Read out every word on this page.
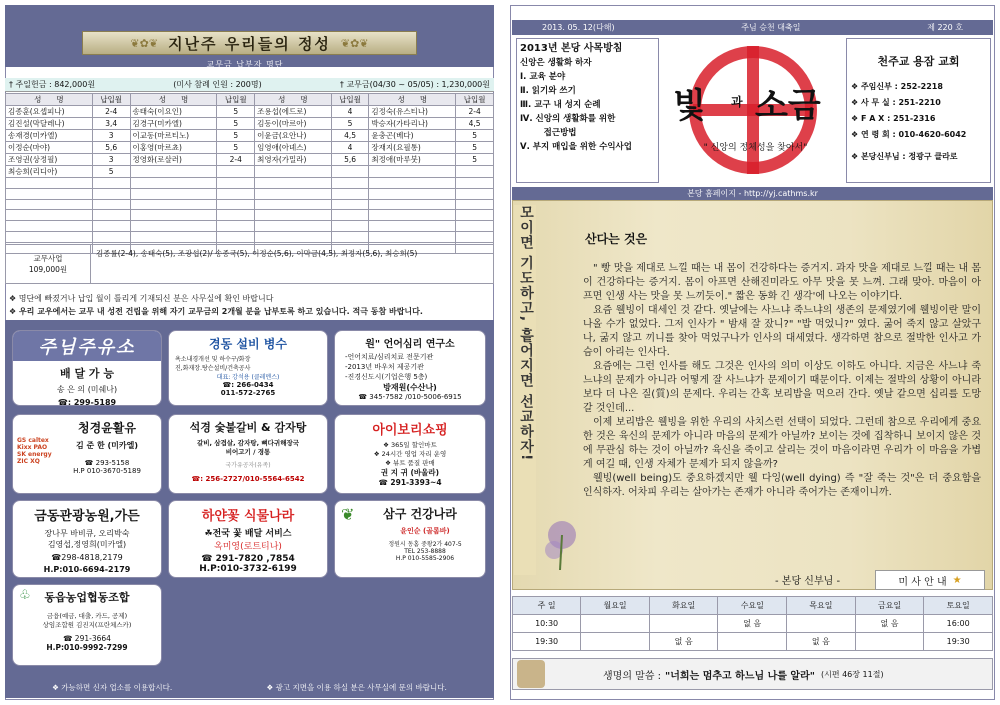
❦✿❦ 지난주 우리들의 정성 ❦✿❦
교무금 납부자 명단
† 주일헌금 : 842,000원	(미사 참례 인원 : 200명)	† 교무금(04/30 ~ 05/05) : 1,230,000원
성　　명	납입월	성　　명	납입월	성　　명	납입월	성　　명	납입월
김종훈(요셉피나)	2-4	송태숙(이요인)	5	조용섭(에드로)	4	김정숙(유스티나)	2-4
김진설(막달레나)	3,4	김경구(미카엘)	5	김동이(마르아)	5	박승자(가타리나)	4,5
송재경(미카엘)	3	이교동(마르티노)	5	이윤금(요안나)	4,5	윤충곤(베다)	5
이정순(마야)	5,6	이홍영(마르쵸)	5	임영애(아녜스)	4	장재지(요필통)	5
조영권(상정필)	3	정영화(로살러)	2-4	최영자(가밀라)	5,6	최정애(마루붓)	5
최승희(리디아)	5						

교무사업
109,000원
김종률(2-4), 송태숙(5), 조광섭(2)/ 송종국(5), 이정순(5,6), 이막금(4,5), 최정자(5,6), 최승희(5)
❖ 명단에 빠졌거나 납입 월이 틀리게 기재되신 분은 사무실에 확인 바랍니다
❖ 우리 교우에서는 교무 내 성전 건립을 위해 자기 교무금의 2개월 분을 납부토록 하고 있습니다. 적극 동참 바랍니다.
주님주유소
배 달 가 능
송 은 의 (미쉐나)
☎: 299-5189
경동 설비 병수
욕소내경개선 및 하수구/화장
진,화재장.탕슨설비/건축공사
대표: 강석용 (클레멘스)
☎: 266-0434
011-572-2765
원" 언어심리 연구소
-언어치료/심리치료 전문기관
-2013년 바우처 제공기관
-진경신도시(기업은행 5층)
방재원(수산나)
☎ 345-7582 /010-5006-6915
청경윤활유
GS caltex Kixx PAO SK energy ZIC XQ
김 준 한 (미카엘)
☎ 293-5158
H.P 010-3670-5189
석경 숯불갈비 & 감자탕
갈비, 삼겹살, 감자탕, 뼈다귀해장국
비어고기 / 경통
국가유공자(유족)
☎: 256-2727/010-5564-6542
아이보리쇼핑
❖ 365일 할인마트
❖ 24시간 영업 자리 운영
❖ 뷰트 품질 판매
권 지 귀 (바울라)
☎ 291-3393~4
금동관광농원,가든
장나무 바비큐, 오리박숙
김영섭,정영희(미카엘)
☎298-4818,2179
H.P:010-6694-2179
하얀꽃 식물나라
☘전국 꽃 배달 서비스
옥미영(로트티나)
☎ 291-7820 ,7854
H.P:010-3732-6199
삼구 건강나라
❦
윤인순 (골롬바)
정원시 동홈 중왕2가 407-5
TEL 253-8888
H.P 010-5585-2906
동읍농업협동조합
♧
금융(예금, 대출, 카드, 공제)
상임조합원 김진지(프란체스카)
☎ 291-3664
H.P:010-9992-7299
❖ 가능하면 신자 업소를 이용합시다.	❖ 광고 지면을 이용 하실 분은 사무실에 문의 바랍니다.
2013. 05. 12(다해)	주님 승천 대축일	제 220 호
2013년 본당 사목방침
신앙은 생활화 하자
Ⅰ. 교육 분야
Ⅱ. 읽기와 쓰기
Ⅲ. 교구 내 성지 순례
Ⅳ. 신앙의 생활화를 위한
접근방법
Ⅴ. 부지 매입을 위한 수익사업
빛 과 소금
" 신앙의 정체성을 찾아서"
천주교 용잠 교회
❖ 주임신부 : 252-2218
❖ 사 무 실 : 251-2210
❖ F A X : 251-2316
❖ 연 령 회 : 010-4620-6042
❖ 본당신부님 : 정광구 클라로
본당 홈페이지 - http://yj.cathms.kr
모이면 기도하고, 흩어지면 선교하자!	산다는 것은

" 빵 맛을 제대로 느낄 때는 내 몸이 건강하다는 증거지. 과자 맛을 제대로 느낄 때는 내 몸이 건강하다는 증거지. 몸이 아프면 산해진미라도 아무 맛을 못 느껴. 그래 맞아. 마음이 아프면 인생 사는 맛을 못 느끼듯이." 짧은 동화 긴 생각'에 나오는 이야기다.

요즘 웰빙이 대세인 것 같다. 옛날에는 사느냐 죽느냐의 생존의 문제였기에 웰빙이란 말이 나올 수가 없었다. 그저 인사가 " 밤새 잘 잤니?" "밥 먹었니?" 였다. 굶어 죽지 않고 살았구나, 굶지 않고 끼니를 찾아 먹었구나가 인사의 대세였다. 생각하면 참으로 절박한 인사고 가슴이 아리는 인사다.

요즘에는 그런 인사를 해도 그것은 인사의 의미 이상도 이하도 아니다. 지금은 사느냐 죽느냐의 문제가 아니라 어떻게 잘 사느냐가 문제이기 때문이다. 이제는 절박의 상황이 아니라 보다 더 나은 질(質)의 문제다. 우리는 간혹 보리밥을 먹으러 간다. 옛날 같으면 십리를 도망갈 것인데...

이제 보리밥은 웰빙을 위한 우리의 사치스런 선택이 되었다. 그런데 참으로 우리에게 중요한 것은 육신의 문제가 아니라 마음의 문제가 아닐까? 보이는 것에 집착하니 보이지 않은 것에 무관심 하는 것이 아닐까? 육신을 죽이고 살리는 것이 마음이라면 우리가 이 마음을 가볍게 여길 때, 인생 자체가 문제가 되지 않을까?

웰빙(well being)도 중요하겠지만 웰 다잉(well dying) 즉 "잘 죽는 것"은 더 중요함을 인식하자. 어차피 우리는 살아가는 존재가 아니라 죽어가는 존재이니까.

- 본당 신부님 -	미 사 안 내 ★
주 일	월요일	화요일	수요일	목요일	금요일	토요일
10:30			없 음		없 음	16:00
19:30		없 음		없 음		19:30
생명의 말씀 : "너희는 멈추고 하느님 나를 알라" (시편 46장 11절)
